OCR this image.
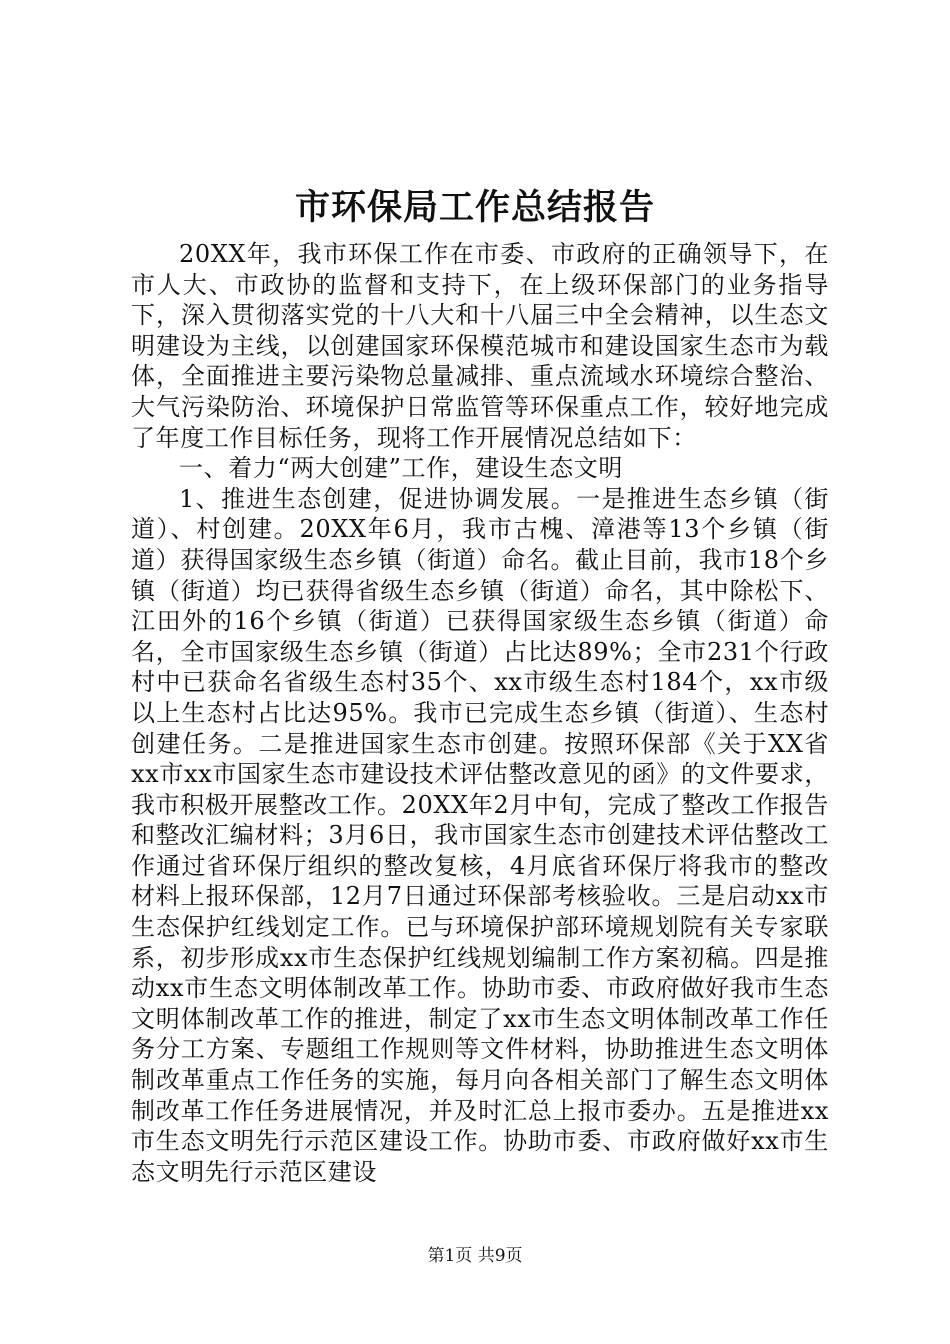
市环保局工作总结报告

20XX年，我市环保工作在市委、市政府的正确领导下，在市人大、市政协的监督和支持下，在上级环保部门的业务指导下，深入贯彻落实党的十八大和十八届三中全会精神，以生态文明建设为主线，以创建国家环保模范城市和建设国家生态市为载体，全面推进主要污染物总量减排、重点流域水环境综合整治、大气污染防治、环境保护日常监管等环保重点工作，较好地完成了年度工作目标任务，现将工作开展情况总结如下：

一、着力“两大创建”工作，建设生态文明

1、推进生态创建，促进协调发展。一是推进生态乡镇（街道）、村创建。20XX年6月，我市古槐、漳港等13个乡镇（街道）获得国家级生态乡镇（街道）命名。截止目前，我市18个乡镇（街道）均已获得省级生态乡镇（街道）命名，其中除松下、江田外的16个乡镇（街道）已获得国家级生态乡镇（街道）命名，全市国家级生态乡镇（街道）占比达89%；全市231个行政村中已获命名省级生态村35个、xx市级生态村184个，xx市级以上生态村占比达95%。我市已完成生态乡镇（街道）、生态村创建任务。二是推进国家生态市创建。按照环保部《关于XX省xx市xx市国家生态市建设技术评估整改意见的函》的文件要求，我市积极开展整改工作。20XX年2月中旬，完成了整改工作报告和整改汇编材料；3月6日，我市国家生态市创建技术评估整改工作通过省环保厅组织的整改复核，4月底省环保厅将我市的整改材料上报环保部，12月7日通过环保部考核验收。三是启动xx市生态保护红线划定工作。已与环境保护部环境规划院有关专家联系，初步形成xx市生态保护红线规划编制工作方案初稿。四是推动xx市生态文明体制改革工作。协助市委、市政府做好我市生态文明体制改革工作的推进，制定了xx市生态文明体制改革工作任务分工方案、专题组工作规则等文件材料，协助推进生态文明体制改革重点工作任务的实施，每月向各相关部门了解生态文明体制改革工作任务进展情况，并及时汇总上报市委办。五是推进xx市生态文明先行示范区建设工作。协助市委、市政府做好xx市生态文明先行示范区建设

第1页 共9页
